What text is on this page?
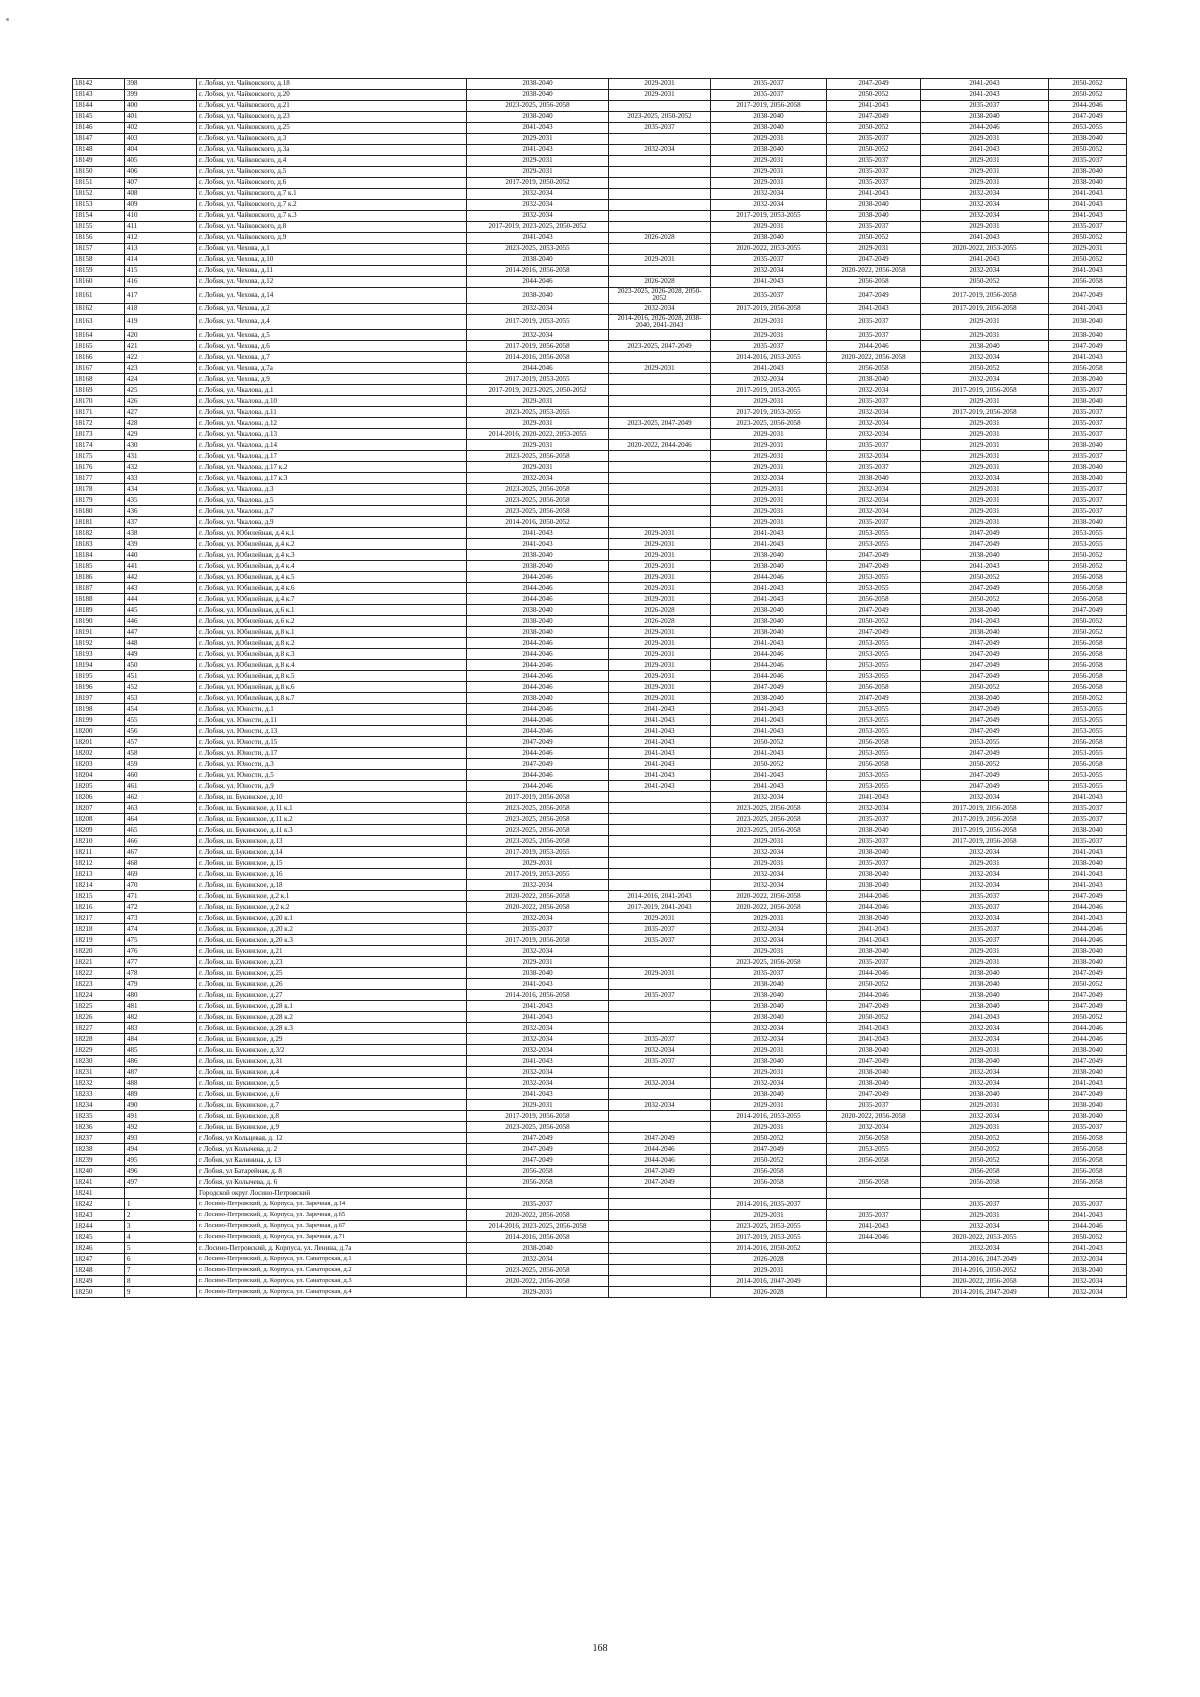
18142	398	г. Лобня, ул. Чайковского, д.18	2038-2040	2029-2031	2035-2037	2047-2049	2041-2043	2050-2052
18143	399	г. Лобня, ул. Чайковского, д.20	2038-2040	2029-2031	2035-2037	2050-2052	2041-2043	2050-2052
18144	400	г. Лобня, ул. Чайковского, д.21	2023-2025, 2056-2058		2017-2019, 2056-2058	2041-2043	2035-2037	2044-2046
18145	401	г. Лобня, ул. Чайковского, д.23	2038-2040	2023-2025, 2050-2052	2038-2040	2047-2049	2038-2040	2047-2049
18146	402	г. Лобня, ул. Чайковского, д.25	2041-2043	2035-2037	2038-2040	2050-2052	2044-2046	2053-2055
18147	403	г. Лобня, ул. Чайковского, д.3	2029-2031		2029-2031	2035-2037	2029-2031	2038-2040
18148	404	г. Лобня, ул. Чайковского, д.3а	2041-2043	2032-2034	2038-2040	2050-2052	2041-2043	2050-2052
18149	405	г. Лобня, ул. Чайковского, д.4	2029-2031		2029-2031	2035-2037	2029-2031	2035-2037
18150	406	г. Лобня, ул. Чайковского, д.5	2029-2031		2029-2031	2035-2037	2029-2031	2038-2040
18151	407	г. Лобня, ул. Чайковского, д.6	2017-2019, 2050-2052		2029-2031	2035-2037	2029-2031	2038-2040
18152	408	г. Лобня, ул. Чайковского, д.7 к.1	2032-2034		2032-2034	2041-2043	2032-2034	2041-2043
18153	409	г. Лобня, ул. Чайковского, д.7 к.2	2032-2034		2032-2034	2038-2040	2032-2034	2041-2043
18154	410	г. Лобня, ул. Чайковского, д.7 к.3	2032-2034		2017-2019, 2053-2055	2038-2040	2032-2034	2041-2043
18155	411	г. Лобня, ул. Чайковского, д.8	2017-2019, 2023-2025, 2050-2052		2029-2031	2035-2037	2029-2031	2035-2037
18156	412	г. Лобня, ул. Чайковского, д.9	2041-2043	2026-2028	2038-2040	2050-2052	2041-2043	2050-2052
18157	413	г. Лобня, ул. Чехова, д.1	2023-2025, 2053-2055		2020-2022, 2053-2055	2029-2031	2020-2022, 2053-2055	2029-2031
18158	414	г. Лобня, ул. Чехова, д.10	2038-2040	2029-2031	2035-2037	2047-2049	2041-2043	2050-2052
18159	415	г. Лобня, ул. Чехова, д.11	2014-2016, 2056-2058		2032-2034	2020-2022, 2056-2058	2032-2034	2041-2043
18160	416	г. Лобня, ул. Чехова, д.12	2044-2046	2026-2028	2041-2043	2056-2058	2050-2052	2056-2058
18161	417	г. Лобня, ул. Чехова, д.14	2038-2040	2023-2025, 2026-2028, 2050-2052	2035-2037	2047-2049	2017-2019, 2056-2058	2047-2049
18162	418	г. Лобня, ул. Чехова, д.2	2032-2034	2032-2034	2017-2019, 2056-2058	2041-2043	2017-2019, 2056-2058	2041-2043
18163	419	г. Лобня, ул. Чехова, д.4	2017-2019, 2053-2055	2014-2016, 2026-2028, 2038-2040, 2041-2043	2029-2031	2035-2037	2029-2031	2038-2040
18164	420	г. Лобня, ул. Чехова, д.5	2032-2034		2029-2031	2035-2037	2029-2031	2038-2040
18165	421	г. Лобня, ул. Чехова, д.6	2017-2019, 2056-2058	2023-2025, 2047-2049	2035-2037	2044-2046	2038-2040	2047-2049
18166	422	г. Лобня, ул. Чехова, д.7	2014-2016, 2056-2058		2014-2016, 2053-2055	2020-2022, 2056-2058	2032-2034	2041-2043
18167	423	г. Лобня, ул. Чехова, д.7а	2044-2046	2029-2031	2041-2043	2056-2058	2050-2052	2056-2058
18168	424	г. Лобня, ул. Чехова, д.9	2017-2019, 2053-2055		2032-2034	2038-2040	2032-2034	2038-2040
18169	425	г. Лобня, ул. Чкалова, д.1	2017-2019, 2023-2025, 2050-2052		2017-2019, 2053-2055	2032-2034	2017-2019, 2056-2058	2035-2037
18170	426	г. Лобня, ул. Чкалова, д.10	2029-2031		2029-2031	2035-2037	2029-2031	2038-2040
18171	427	г. Лобня, ул. Чкалова, д.11	2023-2025, 2053-2055		2017-2019, 2053-2055	2032-2034	2017-2019, 2056-2058	2035-2037
18172	428	г. Лобня, ул. Чкалова, д.12	2029-2031	2023-2025, 2047-2049	2023-2025, 2056-2058	2032-2034	2029-2031	2035-2037
18173	429	г. Лобня, ул. Чкалова, д.13	2014-2016, 2020-2022, 2053-2055		2029-2031	2032-2034	2029-2031	2035-2037
18174	430	г. Лобня, ул. Чкалова, д.14	2029-2031	2020-2022, 2044-2046	2029-2031	2035-2037	2029-2031	2038-2040
18175	431	г. Лобня, ул. Чкалова, д.17	2023-2025, 2056-2058		2029-2031	2032-2034	2029-2031	2035-2037
18176	432	г. Лобня, ул. Чкалова, д.17 к.2	2029-2031		2029-2031	2035-2037	2029-2031	2038-2040
18177	433	г. Лобня, ул. Чкалова, д.17 к.3	2032-2034		2032-2034	2038-2040	2032-2034	2038-2040
18178	434	г. Лобня, ул. Чкалова, д.3	2023-2025, 2056-2058		2029-2031	2032-2034	2029-2031	2035-2037
18179	435	г. Лобня, ул. Чкалова, д.5	2023-2025, 2056-2058		2029-2031	2032-2034	2029-2031	2035-2037
18180	436	г. Лобня, ул. Чкалова, д.7	2023-2025, 2056-2058		2029-2031	2032-2034	2029-2031	2035-2037
18181	437	г. Лобня, ул. Чкалова, д.9	2014-2016, 2050-2052		2029-2031	2035-2037	2029-2031	2038-2040
18182	438	г. Лобня, ул. Юбилейная, д.4 к.1	2041-2043	2029-2031	2041-2043	2053-2055	2047-2049	2053-2055
18183	439	г. Лобня, ул. Юбилейная, д.4 к.2	2041-2043	2029-2031	2041-2043	2053-2055	2047-2049	2053-2055
18184	440	г. Лобня, ул. Юбилейная, д.4 к.3	2038-2040	2029-2031	2038-2040	2047-2049	2038-2040	2050-2052
18185	441	г. Лобня, ул. Юбилейная, д.4 к.4	2038-2040	2029-2031	2038-2040	2047-2049	2041-2043	2050-2052
18186	442	г. Лобня, ул. Юбилейная, д.4 к.5	2044-2046	2029-2031	2044-2046	2053-2055	2050-2052	2056-2058
18187	443	г. Лобня, ул. Юбилейная, д.4 к.6	2044-2046	2029-2031	2041-2043	2053-2055	2047-2049	2056-2058
18188	444	г. Лобня, ул. Юбилейная, д.4 к.7	2044-2046	2029-2031	2041-2043	2056-2058	2050-2052	2056-2058
18189	445	г. Лобня, ул. Юбилейная, д.6 к.1	2038-2040	2026-2028	2038-2040	2047-2049	2038-2040	2047-2049
18190	446	г. Лобня, ул. Юбилейная, д.6 к.2	2038-2040	2026-2028	2038-2040	2050-2052	2041-2043	2050-2052
18191	447	г. Лобня, ул. Юбилейная, д.8 к.1	2038-2040	2029-2031	2038-2040	2047-2049	2038-2040	2050-2052
18192	448	г. Лобня, ул. Юбилейная, д.8 к.2	2044-2046	2029-2031	2041-2043	2053-2055	2047-2049	2056-2058
18193	449	г. Лобня, ул. Юбилейная, д.8 к.3	2044-2046	2029-2031	2044-2046	2053-2055	2047-2049	2056-2058
18194	450	г. Лобня, ул. Юбилейная, д.8 к.4	2044-2046	2029-2031	2044-2046	2053-2055	2047-2049	2056-2058
18195	451	г. Лобня, ул. Юбилейная, д.8 к.5	2044-2046	2029-2031	2044-2046	2053-2055	2047-2049	2056-2058
18196	452	г. Лобня, ул. Юбилейная, д.8 к.6	2044-2046	2029-2031	2047-2049	2056-2058	2050-2052	2056-2058
18197	453	г. Лобня, ул. Юбилейная, д.8 к.7	2038-2040	2029-2031	2038-2040	2047-2049	2038-2040	2050-2052
18198	454	г. Лобня, ул. Юности, д.1	2044-2046	2041-2043	2041-2043	2053-2055	2047-2049	2053-2055
18199	455	г. Лобня, ул. Юности, д.11	2044-2046	2041-2043	2041-2043	2053-2055	2047-2049	2053-2055
18200	456	г. Лобня, ул. Юности, д.13	2044-2046	2041-2043	2041-2043	2053-2055	2047-2049	2053-2055
18201	457	г. Лобня, ул. Юности, д.15	2047-2049	2041-2043	2050-2052	2056-2058	2053-2055	2056-2058
18202	458	г. Лобня, ул. Юности, д.17	2044-2046	2041-2043	2041-2043	2053-2055	2047-2049	2053-2055
18203	459	г. Лобня, ул. Юности, д.3	2047-2049	2041-2043	2050-2052	2056-2058	2050-2052	2056-2058
18204	460	г. Лобня, ул. Юности, д.5	2044-2046	2041-2043	2041-2043	2053-2055	2047-2049	2053-2055
18205	461	г. Лобня, ул. Юности, д.9	2044-2046	2041-2043	2041-2043	2053-2055	2047-2049	2053-2055
18206	462	г. Лобня, ш. Букинское, д.10	2017-2019, 2056-2058		2032-2034	2041-2043	2032-2034	2041-2043
18207	463	г. Лобня, ш. Букинское, д.11 к.1	2023-2025, 2056-2058		2023-2025, 2056-2058	2032-2034	2017-2019, 2056-2058	2035-2037
18208	464	г. Лобня, ш. Букинское, д.11 к.2	2023-2025, 2056-2058		2023-2025, 2056-2058	2035-2037	2017-2019, 2056-2058	2035-2037
18209	465	г. Лобня, ш. Букинское, д.11 к.3	2023-2025, 2056-2058		2023-2025, 2056-2058	2038-2040	2017-2019, 2056-2058	2038-2040
18210	466	г. Лобня, ш. Букинское, д.13	2023-2025, 2056-2058		2029-2031	2035-2037	2017-2019, 2056-2058	2035-2037
18211	467	г. Лобня, ш. Букинское, д.14	2017-2019, 2053-2055		2032-2034	2038-2040	2032-2034	2041-2043
18212	468	г. Лобня, ш. Букинское, д.15	2029-2031		2029-2031	2035-2037	2029-2031	2038-2040
18213	469	г. Лобня, ш. Букинское, д.16	2017-2019, 2053-2055		2032-2034	2038-2040	2032-2034	2041-2043
18214	470	г. Лобня, ш. Букинское, д.18	2032-2034		2032-2034	2038-2040	2032-2034	2041-2043
18215	471	г. Лобня, ш. Букинское, д.2 к.1	2020-2022, 2056-2058	2014-2016, 2041-2043	2020-2022, 2056-2058	2044-2046	2035-2037	2047-2049
18216	472	г. Лобня, ш. Букинское, д.2 к.2	2020-2022, 2056-2058	2017-2019, 2041-2043	2020-2022, 2056-2058	2044-2046	2035-2037	2044-2046
18217	473	г. Лобня, ш. Букинское, д.20 к.1	2032-2034	2029-2031	2029-2031	2038-2040	2032-2034	2041-2043
18218	474	г. Лобня, ш. Букинское, д.20 к.2	2035-2037	2035-2037	2032-2034	2041-2043	2035-2037	2044-2046
18219	475	г. Лобня, ш. Букинское, д.20 к.3	2017-2019, 2056-2058	2035-2037	2032-2034	2041-2043	2035-2037	2044-2046
18220	476	г. Лобня, ш. Букинское, д.21	2032-2034		2029-2031	2038-2040	2029-2031	2038-2040
18221	477	г. Лобня, ш. Букинское, д.23	2029-2031		2023-2025, 2056-2058	2035-2037	2029-2031	2038-2040
18222	478	г. Лобня, ш. Букинское, д.25	2038-2040	2029-2031	2035-2037	2044-2046	2038-2040	2047-2049
18223	479	г. Лобня, ш. Букинское, д.26	2041-2043		2038-2040	2050-2052	2038-2040	2050-2052
18224	480	г. Лобня, ш. Букинское, д.27	2014-2016, 2056-2058	2035-2037	2038-2040	2044-2046	2038-2040	2047-2049
18225	481	г. Лобня, ш. Букинское, д.28 к.1	2041-2043		2038-2040	2047-2049	2038-2040	2047-2049
18226	482	г. Лобня, ш. Букинское, д.28 к.2	2041-2043		2038-2040	2050-2052	2041-2043	2050-2052
18227	483	г. Лобня, ш. Букинское, д.28 к.3	2032-2034		2032-2034	2041-2043	2032-2034	2044-2046
18228	484	г. Лобня, ш. Букинское, д.29	2032-2034	2035-2037	2032-2034	2041-2043	2032-2034	2044-2046
18229	485	г. Лобня, ш. Букинское, д.3/2	2032-2034	2032-2034	2029-2031	2038-2040	2029-2031	2038-2040
18230	486	г. Лобня, ш. Букинское, д.31	2041-2043	2035-2037	2038-2040	2047-2049	2038-2040	2047-2049
18231	487	г. Лобня, ш. Букинское, д.4	2032-2034		2029-2031	2038-2040	2032-2034	2038-2040
18232	488	г. Лобня, ш. Букинское, д.5	2032-2034	2032-2034	2032-2034	2038-2040	2032-2034	2041-2043
18233	489	г. Лобня, ш. Букинское, д.6	2041-2043		2038-2040	2047-2049	2038-2040	2047-2049
18234	490	г. Лобня, ш. Букинское, д.7	2029-2031	2032-2034	2029-2031	2035-2037	2029-2031	2038-2040
18235	491	г. Лобня, ш. Букинское, д.8	2017-2019, 2056-2058		2014-2016, 2053-2055	2020-2022, 2056-2058	2032-2034	2038-2040
18236	492	г. Лобня, ш. Букинское, д.9	2023-2025, 2056-2058		2029-2031	2032-2034	2029-2031	2035-2037
18237	493	г Лобня, ул Кольцевая, д. 12	2047-2049	2047-2049	2050-2052	2056-2058	2050-2052	2056-2058
18238	494	г Лобня, ул Колычева, д. 2	2047-2049	2044-2046	2047-2049	2053-2055	2050-2052	2056-2058
18239	495	г Лобня, ул Калинина, д. 13	2047-2049	2044-2046	2050-2052	2056-2058	2050-2052	2056-2058
18240	496	г Лобня, ул Батарейная, д. 8	2056-2058	2047-2049	2056-2058		2056-2058	2056-2058
18241	497	г Лобня, ул Колычева, д. 6	2056-2058	2047-2049	2056-2058	2056-2058	2056-2058	2056-2058
18241		Городской округ Лосино-Петровский						
18242	1	г. Лосино-Петровский, д. Корпуса, ул. Заречная, д.14	2035-2037		2014-2016, 2035-2037		2035-2037	2035-2037
18243	2	г. Лосино-Петровский, д. Корпуса, ул. Заречная, д.65	2020-2022, 2056-2058		2029-2031	2035-2037	2029-2031	2041-2043
18244	3	г. Лосино-Петровский, д. Корпуса, ул. Заречная, д.67	2014-2016, 2023-2025, 2056-2058		2023-2025, 2053-2055	2041-2043	2032-2034	2044-2046
18245	4	г. Лосино-Петровский, д. Корпуса, ул. Заречная, д.71	2014-2016, 2056-2058		2017-2019, 2053-2055	2044-2046	2020-2022, 2053-2055	2050-2052
18246	5	г. Лосино-Петровский, д. Корпуса, ул. Ленина, д.7а	2038-2040		2014-2016, 2050-2052		2032-2034	2041-2043
18247	6	г. Лосино-Петровский, д. Корпуса, ул. Санаторская, д.1	2032-2034		2026-2028		2014-2016, 2047-2049	2032-2034
18248	7	г. Лосино-Петровский, д. Корпуса, ул. Санаторская, д.2	2023-2025, 2056-2058		2029-2031		2014-2016, 2050-2052	2038-2040
18249	8	г. Лосино-Петровский, д. Корпуса, ул. Санаторская, д.3	2020-2022, 2056-2058		2014-2016, 2047-2049		2020-2022, 2056-2058	2032-2034
18250	9	г. Лосино-Петровский, д. Корпуса, ул. Санаторская, д.4	2029-2031		2026-2028		2014-2016, 2047-2049	2032-2034
168
